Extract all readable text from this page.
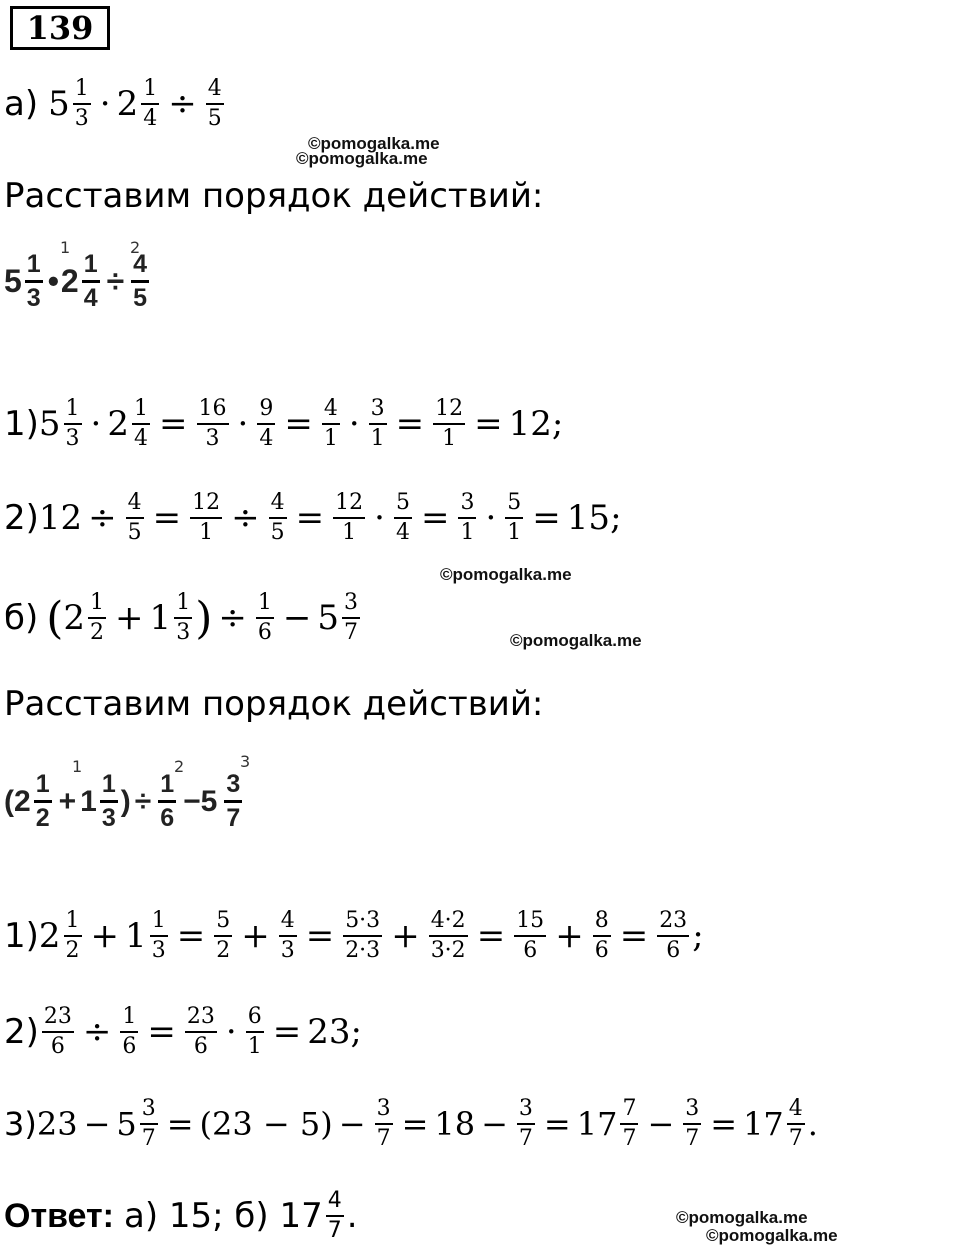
139
а) $5 \frac{1}{3} \cdot 2 \frac{1}{4} \div \frac{4}{5}$
©pomogalka.me
©pomogalka.me
Расставим порядок действий:
$5 \frac{1}{3}$ • $2 \frac{1}{4} \div \frac{4}{5}$
1	2
1) $5 \frac{1}{3} \cdot 2 \frac{1}{4} = \frac{16}{3} \cdot \frac{9}{4} = \frac{4}{1} \cdot \frac{3}{1} = \frac{12}{1} = 12$ ;
2) $12 \div \frac{4}{5} = \frac{12}{1} \div \frac{4}{5} = \frac{12}{1} \cdot \frac{5}{4} = \frac{3}{1} \cdot \frac{5}{1} = 15$ ;
©pomogalka.me
б) ( $2 \frac{1}{2} + 1 \frac{1}{3}$ ) ÷ $\frac{1}{6} - 5 \frac{3}{7}$	©pomogalka.me
Расставим порядок действий:
($2 \frac{1}{2} + 1 \frac{1}{3}$ ) ÷ $\frac{1}{6} -5 \frac{3}{7}$
1	2	3
1) $2 \frac{1}{2} + 1 \frac{1}{3} = \frac{5}{2} + \frac{4}{3} = \frac{5\cdot 3}{2\cdot 3} + \frac{4\cdot 2}{3\cdot 2} = \frac{15}{6} + \frac{8}{6} = \frac{23}{6}$ ;
$2) \frac{23}{6} \div \frac{1}{6} = \frac{23}{6} \cdot \frac{6}{1} = 23$;
3) $23 - 5 \frac{3}{7} = (23 - 5) - \frac{3}{7} = 18 - \frac{3}{7} = 17 \frac{7}{7} - \frac{3}{7} = 17 \frac{4}{7}$ .
Ответ: а) 15; б) $17 \frac{4}{7}$ .	©pomogalka.me
©pomogalka.me
